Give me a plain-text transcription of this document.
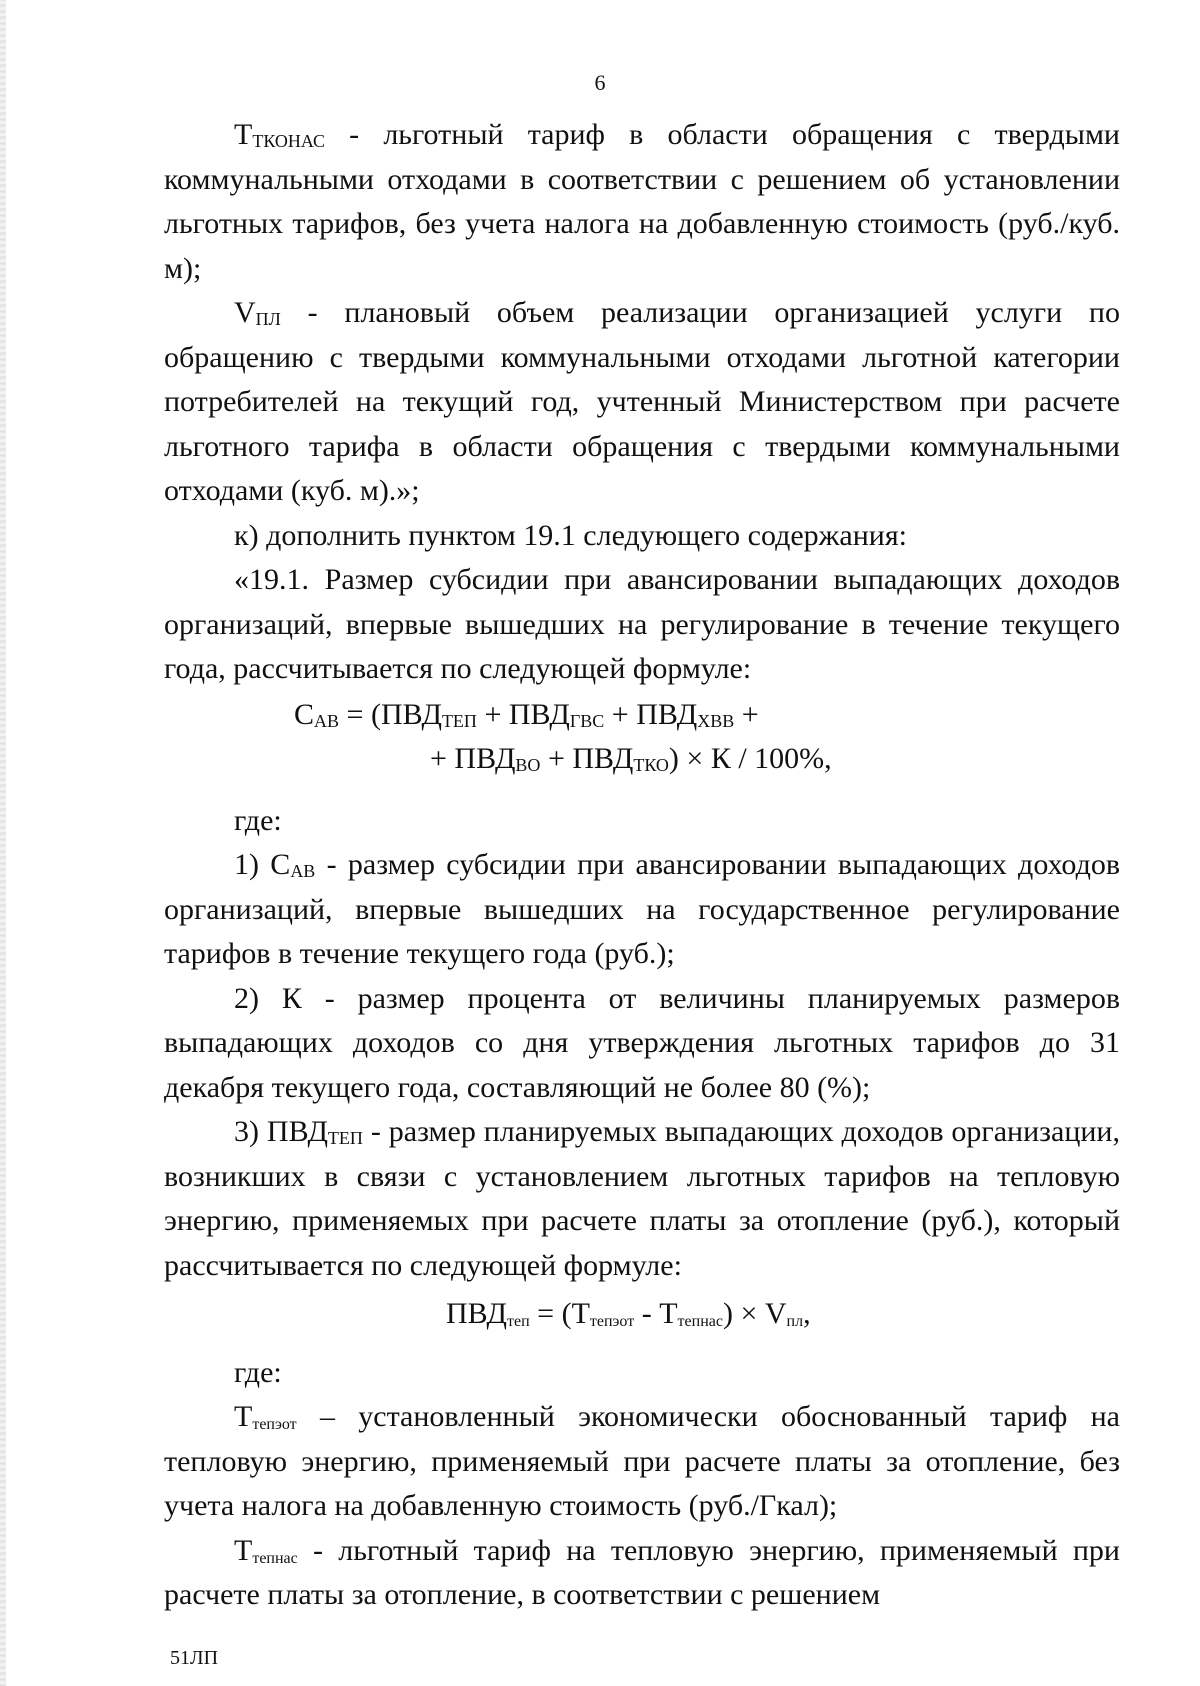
6

$Т_{ТКОНАС}$ - льготный тариф в области обращения с твердыми коммунальными отходами в соответствии с решением об установлении льготных тарифов, без учета налога на добавленную стоимость (руб./куб. м);

$V_{ПЛ}$ - плановый объем реализации организацией услуги по обращению с твердыми коммунальными отходами льготной категории потребителей на текущий год, учтенный Министерством при расчете льготного тарифа в области обращения с твердыми коммунальными отходами (куб. м).»;

к) дополнить пунктом 19.1 следующего содержания:

«19.1. Размер субсидии при авансировании выпадающих доходов организаций, впервые вышедших на регулирование в течение текущего года, рассчитывается по следующей формуле:

$С_{АВ} = (ПВД_{ТЕП} + ПВД_{ГВС} + ПВД_{ХВВ}$ +
+ $ПВД_{ВО} + ПВД_{ТКО}) \times К / 100\%$,

где:

1) $С_{АВ}$ - размер субсидии при авансировании выпадающих доходов организаций, впервые вышедших на государственное регулирование тарифов в течение текущего года (руб.);

2) К - размер процента от величины планируемых размеров выпадающих доходов со дня утверждения льготных тарифов до 31 декабря текущего года, составляющий не более 80 (%);

3) $ПВД_{ТЕП}$ - размер планируемых выпадающих доходов организации, возникших в связи с установлением льготных тарифов на тепловую энергию, применяемых при расчете платы за отопление (руб.), который рассчитывается по следующей формуле:

$ПВД_{теп} = (Т_{тепэот} - Т_{тепнас}) \times V_{пл}$,

где:

$Т_{тепэот}$ – установленный экономически обоснованный тариф на тепловую энергию, применяемый при расчете платы за отопление, без учета налога на добавленную стоимость (руб./Гкал);

$Т_{тепнас}$ - льготный тариф на тепловую энергию, применяемый при расчете платы за отопление, в соответствии с решением

51ЛП
